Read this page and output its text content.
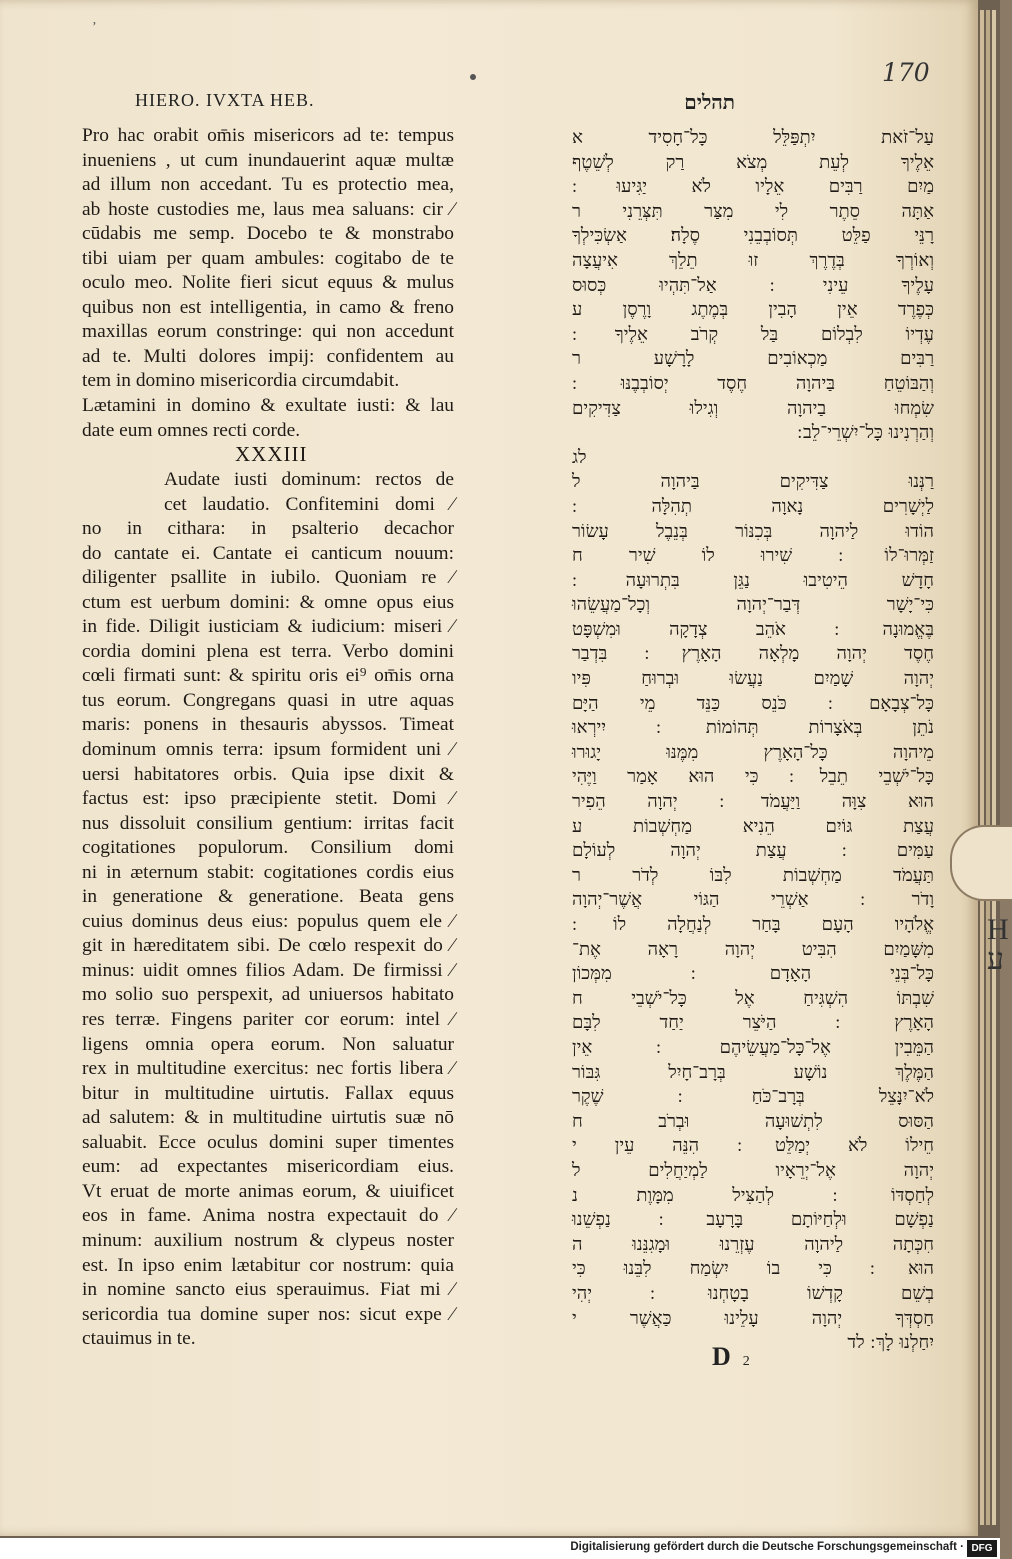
H
ע
ʼ
HIERO. IVXTA HEB.	תהלים
170
Pro hac orabit om̄is misericors ad te: tempus
inueniens , ut cum inundauerint aquæ multæ
ad illum non accedant. Tu es protectio mea,
ab hoste custodies me, laus mea saluans: cir ∕
cūdabis me semp. Docebo te & monstrabo
tibi uiam per quam ambules: cogitabo de te
oculo meo. Nolite fieri sicut equus & mulus
quibus non est intelligentia, in camo & freno
maxillas eorum constringe: qui non accedunt
ad te. Multi dolores impij: confidentem au
tem in domino misericordia circumdabit.
Lætamini in domino & exultate iusti: & lau
date eum omnes recti corde.
XXXIII
Audate iusti dominum: rectos de
cet laudatio. Confitemini domi ∕
no in cithara: in psalterio decachor
do cantate ei. Cantate ei canticum nouum:
diligenter psallite in iubilo. Quoniam re ∕
ctum est uerbum domini: & omne opus eius
in fide. Diligit iusticiam & iudicium: miseri ∕
cordia domini plena est terra. Verbo domini
cœli firmati sunt: & spiritu oris ei⁹ om̄is orna
tus eorum. Congregans quasi in utre aquas
maris: ponens in thesauris abyssos. Timeat
dominum omnis terra: ipsum formident uni ∕
uersi habitatores orbis. Quia ipse dixit &
factus est: ipso præcipiente stetit. Domi ∕
nus dissoluit consilium gentium: irritas facit
cogitationes populorum. Consilium domi
ni in æternum stabit: cogitationes cordis eius
in generatione & generatione. Beata gens
cuius dominus deus eius: populus quem ele ∕
git in hæreditatem sibi. De cœlo respexit do ∕
minus: uidit omnes filios Adam. De firmissi ∕
mo solio suo perspexit, ad uniuersos habitato
res terræ. Fingens pariter cor eorum: intel ∕
ligens omnia opera eorum. Non saluatur
rex in multitudine exercitus: nec fortis libera ∕
bitur in multitudine uirtutis. Fallax equus
ad salutem: & in multitudine uirtutis suæ nō
saluabit. Ecce oculus domini super timentes
eum: ad expectantes misericordiam eius.
Vt eruat de morte animas eorum, & uiuificet
eos in fame. Anima nostra expectauit do ∕
minum: auxilium nostrum & clypeus noster
est. In ipso enim lætabitur cor nostrum: quia
in nomine sancto eius sperauimus. Fiat mi ∕
sericordia tua domine super nos: sicut expe ∕
ctauimus in te.
עַל־זֹאת יִתְפַּלֵּל כָּל־חָסִיד א
אֵלֶיךָ לְעֵת מְצֹא רַק לְשֵׁטֶף
מַיִם רַבִּים אֵלָיו לֹא יַגִּיעוּ ׃
אַתָּה סֵתֶר לִי מִצַּר תִּצְּרֵנִי ר
רָנֵּי פַלֵּט תְּסוֹבְבֵנִי סֶלָה׃ אַשְׂכִּילְךָ
וְאוֹרְךָ בְּדֶרֶךְ זוּ תֵלֵךְ אִיעֲצָה
עָלֶיךָ עֵינִי ׃ אַל־תִּהְיוּ כְּסוּס
כְּפֶרֶד אֵין הָבִין בְּמֶתֶג וָרֶסֶן ע
עֶדְיוֹ לִבְלוֹם בַּל קְרֹב אֵלֶיךָ ׃
רַבִּים מַכְאוֹבִים לָרָשָׁע ר
וְהַבּוֹטֵחַ בַּיהוָה חֶסֶד יְסוֹבְבֶנּוּ ׃
שִׂמְחוּ בַיהוָה וְגִילוּ צַדִּיקִים
וְהַרְנִינוּ כָּל־יִשְׁרֵי־לֵב ׃
לג
רַנְּנוּ צַדִּיקִים בַּיהוָה ל
לַיְשָׁרִים נָאוָה תְהִלָּה ׃
הוֹדוּ לַיהוָה בְּכִנּוֹר בְּנֵבֶל עָשׂוֹר
זַמְּרוּ־לוֹ ׃ שִׁירוּ לוֹ שִׁיר ח
חָדָשׁ הֵיטִיבוּ נַגֵּן בִּתְרוּעָה ׃
כִּי־יָשָׁר דְּבַר־יְהוָה וְכָל־מַעֲשֵׂהוּ
בֶּאֱמוּנָה ׃ אֹהֵב צְדָקָה וּמִשְׁפָּט
חֶסֶד יְהוָה מָלְאָה הָאָרֶץ ׃ בִּדְבַר
יְהוָה שָׁמַיִם נַעֲשׂוּ וּבְרוּחַ פִּיו
כָּל־צְבָאָם ׃ כֹּנֵס כַּנֵּד מֵי הַיָּם
נֹתֵן בְּאֹצָרוֹת תְּהוֹמוֹת ׃ יִירְאוּ
מֵיהוָה כָּל־הָאָרֶץ מִמֶּנּוּ יָגוּרוּ
כָּל־יֹשְׁבֵי תֵבֵל ׃ כִּי הוּא אָמַר וַיֶּהִי
הוּא צִוָּה וַיַּעֲמֹד ׃ יְהוָה הֵפִיר
עֲצַת גּוֹיִם הֵנִיא מַחְשְׁבוֹת ע
עַמִּים ׃ עֲצַת יְהוָה לְעוֹלָם
תַּעֲמֹד מַחְשְׁבוֹת לִבּוֹ לְדֹר ר
וָדֹר ׃ אַשְׁרֵי הַגּוֹי אֲשֶׁר־יְהוָה
אֱלֹהָיו הָעָם בָּחַר לְנַחֲלָה לוֹ ׃
מִשָּׁמַיִם הִבִּיט יְהוָה רָאָה אֶת־
כָּל־בְּנֵי הָאָדָם ׃ מִמְּכוֹן
שִׁבְתּוֹ הִשְׁגִּיחַ אֶל כָּל־יֹשְׁבֵי ח
הָאָרֶץ ׃ הַיֹּצֵר יַחַד לִבָּם
הַמֵּבִין אֶל־כָּל־מַעֲשֵׂיהֶם ׃ אֵין
הַמֶּלֶךְ נוֹשָׁע בְּרָב־חָיִל גִּבּוֹר
לֹא־יִנָּצֵל בְּרָב־כֹּחַ ׃ שֶׁקֶר
הַסּוּס לִתְשׁוּעָה וּבְרֹב ח
חֵילוֹ לֹא יְמַלֵּט ׃ הִנֵּה עֵין י
יְהוָה אֶל־יְרֵאָיו לַמְיַחֲלִים ל
לְחַסְדּוֹ ׃ לְהַצִּיל מִמָּוֶת נ
נַפְשָׁם וּלְחַיּוֹתָם בָּרָעָב ׃ נַפְשֵׁנוּ
חִכְּתָה לַיהוָה עֶזְרֵנוּ וּמָגִנֵּנוּ ה
הוּא ׃ כִּי בוֹ יִשְׂמַח לִבֵּנוּ כִּי
בְשֵׁם קָדְשׁוֹ בָטָחְנוּ ׃ יְהִי
חַסְדְּךָ יְהוָה עָלֵינוּ כַּאֲשֶׁר י
יִחַלְנוּ לָךְ ׃ לד
D 2
Digitalisierung gefördert durch die Deutsche Forschungsgemeinschaft · DFG
